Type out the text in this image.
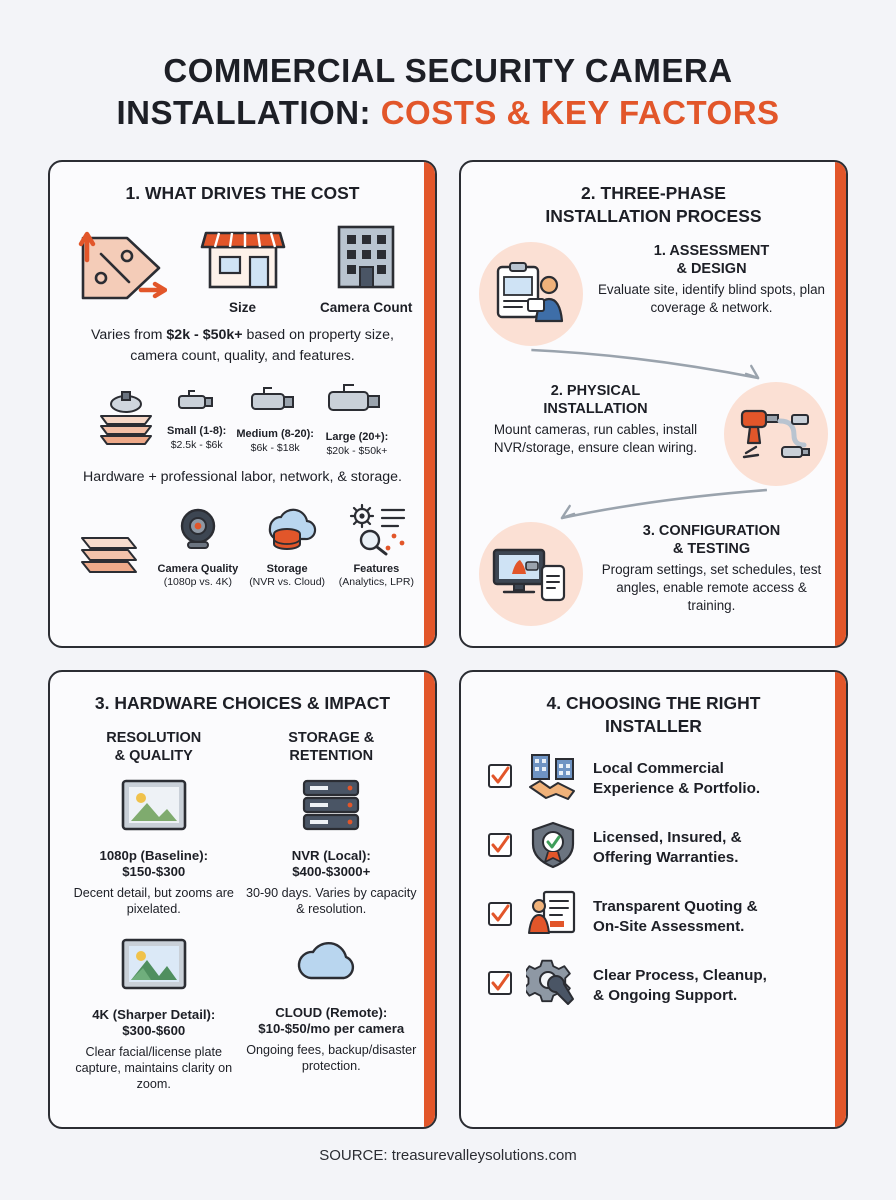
COMMERCIAL SECURITY CAMERA
INSTALLATION: COSTS & KEY FACTORS
1. WHAT DRIVES THE COST
Size	Camera Count
Varies from $2k - $50k+ based on property size, camera count, quality, and features.
Small (1-8):
$2.5k - $6k
Medium (8-20):
$6k - $18k
Large (20+):
$20k - $50k+
Hardware + professional labor, network, & storage.
Camera Quality
(1080p vs. 4K)
Storage
(NVR vs. Cloud)
Features
(Analytics, LPR)
2. THREE-PHASE
INSTALLATION PROCESS
1. ASSESSMENT
& DESIGN
Evaluate site, identify blind spots, plan coverage & network.
2. PHYSICAL
INSTALLATION
Mount cameras, run cables, install NVR/storage, ensure clean wiring.
3. CONFIGURATION
& TESTING
Program settings, set schedules, test angles, enable remote access & training.
3. HARDWARE CHOICES & IMPACT
RESOLUTION
& QUALITY
1080p (Baseline):
$150-$300
Decent detail, but zooms are pixelated.
4K (Sharper Detail):
$300-$600
Clear facial/license plate capture, maintains clarity on zoom.
STORAGE &
RETENTION
NVR (Local):
$400-$3000+
30-90 days. Varies by capacity & resolution.
CLOUD (Remote):
$10-$50/mo per camera
Ongoing fees, backup/disaster protection.
4. CHOOSING THE RIGHT
INSTALLER
Local Commercial
Experience & Portfolio.
Licensed, Insured, &
Offering Warranties.
Transparent Quoting &
On-Site Assessment.
Clear Process, Cleanup,
& Ongoing Support.
SOURCE: treasurevalleysolutions.com
